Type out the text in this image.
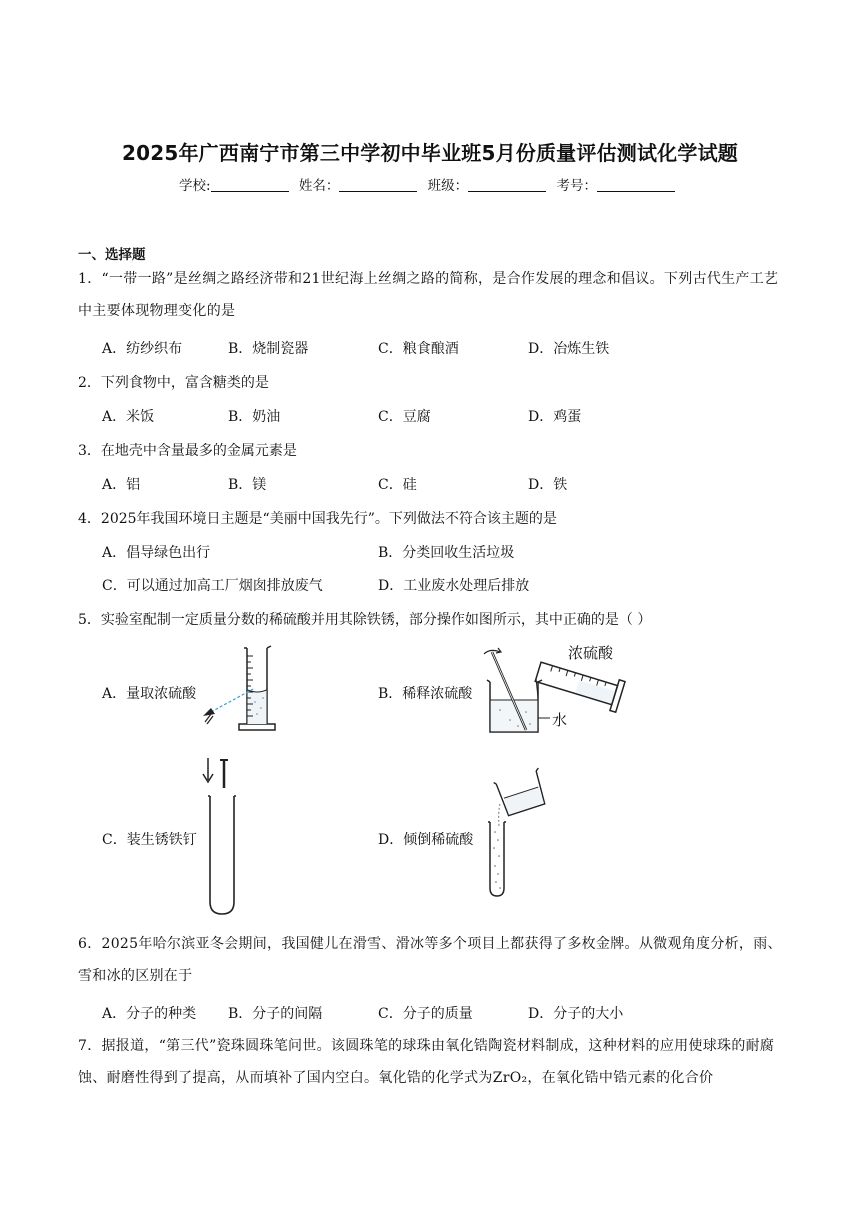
2025年广西南宁市第三中学初中毕业班5月份质量评估测试化学试题
学校:	姓名：	班级：	考号：
一、选择题
1．“一带一路”是丝绸之路经济带和21世纪海上丝绸之路的简称，是合作发展的理念和倡议。下列古代生产工艺中主要体现物理变化的是
A．纺纱织布	B．烧制瓷器	C．粮食酿酒	D．冶炼生铁
2．下列食物中，富含糖类的是
A．米饭	B．奶油	C．豆腐	D．鸡蛋
3．在地壳中含量最多的金属元素是
A．铝	B．镁	C．硅	D．铁
4．2025年我国环境日主题是“美丽中国我先行”。下列做法不符合该主题的是
A．倡导绿色出行	B．分类回收生活垃圾
C．可以通过加高工厂烟囱排放废气	D．工业废水处理后排放
5．实验室配制一定质量分数的稀硫酸并用其除铁锈，部分操作如图所示，其中正确的是（ ）
A．量取浓硫酸	B．稀释浓硫酸
C．装生锈铁钉	D．倾倒稀硫酸
浓硫酸
水
6．2025年哈尔滨亚冬会期间，我国健儿在滑雪、滑冰等多个项目上都获得了多枚金牌。从微观角度分析，雨、雪和冰的区别在于
A．分子的种类 B．分子的间隔	C．分子的质量	D．分子的大小
7．据报道，“第三代”瓷珠圆珠笔问世。该圆珠笔的球珠由氧化锆陶瓷材料制成，这种材料的应用使球珠的耐腐蚀、耐磨性得到了提高，从而填补了国内空白。氧化锆的化学式为ZrO₂，在氧化锆中锆元素的化合价
